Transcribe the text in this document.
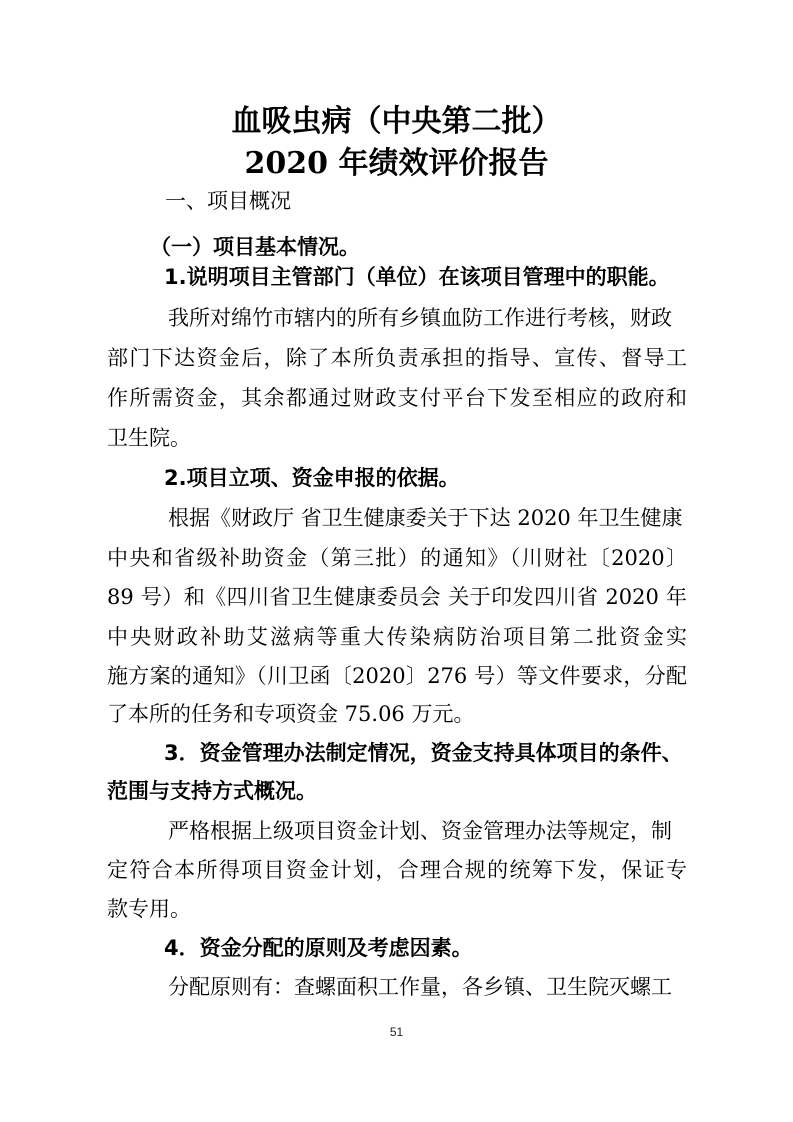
血吸虫病（中央第二批）
2020 年绩效评价报告
一、项目概况
（一）项目基本情况。
1.说明项目主管部门（单位）在该项目管理中的职能。
我所对绵竹市辖内的所有乡镇血防工作进行考核，财政
部门下达资金后，除了本所负责承担的指导、宣传、督导工
作所需资金，其余都通过财政支付平台下发至相应的政府和
卫生院。
2.项目立项、资金申报的依据。
根据《财政厅 省卫生健康委关于下达 2020 年卫生健康
中央和省级补助资金（第三批）的通知》（川财社〔2020〕
89 号）和《四川省卫生健康委员会 关于印发四川省 2020 年
中央财政补助艾滋病等重大传染病防治项目第二批资金实
施方案的通知》（川卫函〔2020〕276 号）等文件要求，分配
了本所的任务和专项资金 75.06 万元。
3．资金管理办法制定情况，资金支持具体项目的条件、
范围与支持方式概况。
严格根据上级项目资金计划、资金管理办法等规定，制
定符合本所得项目资金计划，合理合规的统筹下发，保证专
款专用。
4．资金分配的原则及考虑因素。
分配原则有：查螺面积工作量，各乡镇、卫生院灭螺工
51
